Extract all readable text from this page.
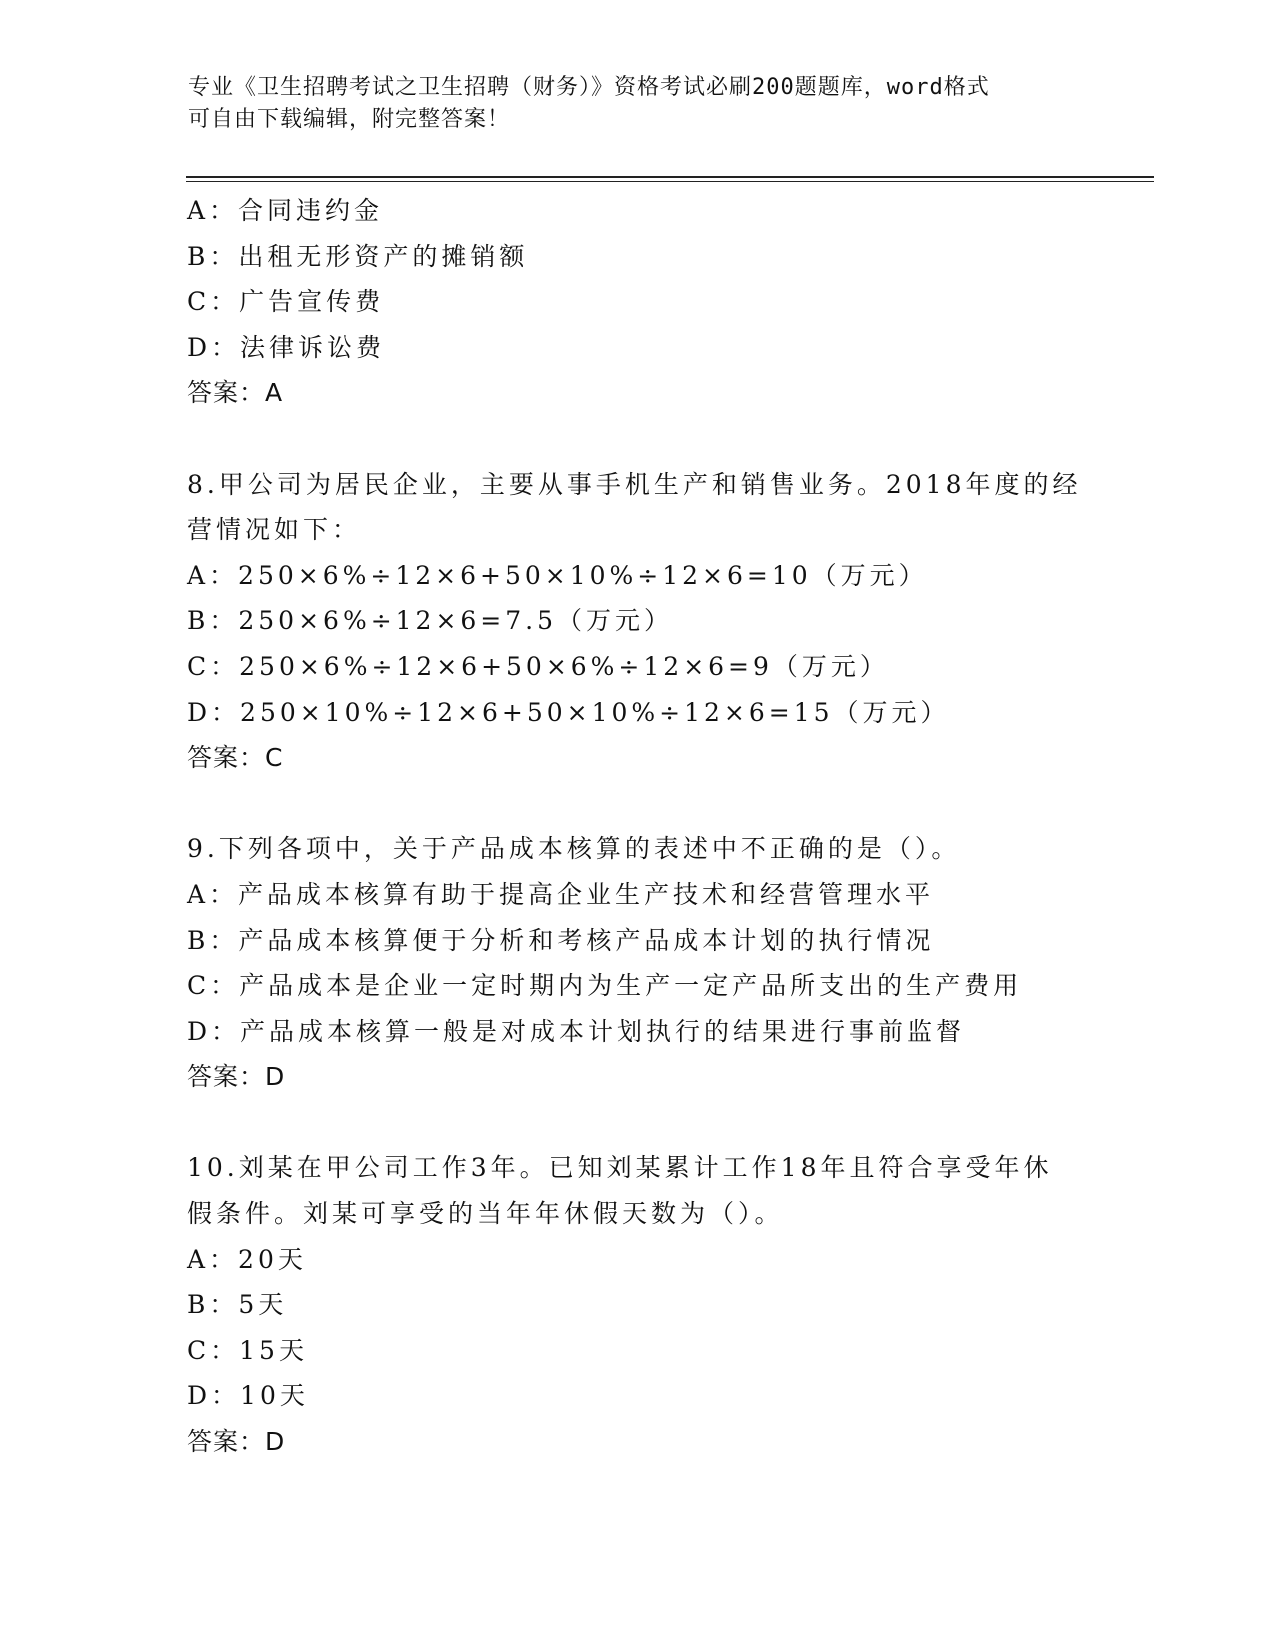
专业《卫生招聘考试之卫生招聘（财务）》资格考试必刷200题题库，word格式
可自由下载编辑，附完整答案！
A：合同违约金
B：出租无形资产的摊销额
C：广告宣传费
D：法律诉讼费
答案：A
8.甲公司为居民企业，主要从事手机生产和销售业务。2018年度的经
营情况如下：
A：250×6%÷12×6+50×10%÷12×6=10（万元）
B：250×6%÷12×6=7.5（万元）
C：250×6%÷12×6+50×6%÷12×6=9（万元）
D：250×10%÷12×6+50×10%÷12×6=15（万元）
答案：C
9.下列各项中，关于产品成本核算的表述中不正确的是（）。
A：产品成本核算有助于提高企业生产技术和经营管理水平
B：产品成本核算便于分析和考核产品成本计划的执行情况
C：产品成本是企业一定时期内为生产一定产品所支出的生产费用
D：产品成本核算一般是对成本计划执行的结果进行事前监督
答案：D
10.刘某在甲公司工作3年。已知刘某累计工作18年且符合享受年休
假条件。刘某可享受的当年年休假天数为（）。
A：20天
B：5天
C：15天
D：10天
答案：D
